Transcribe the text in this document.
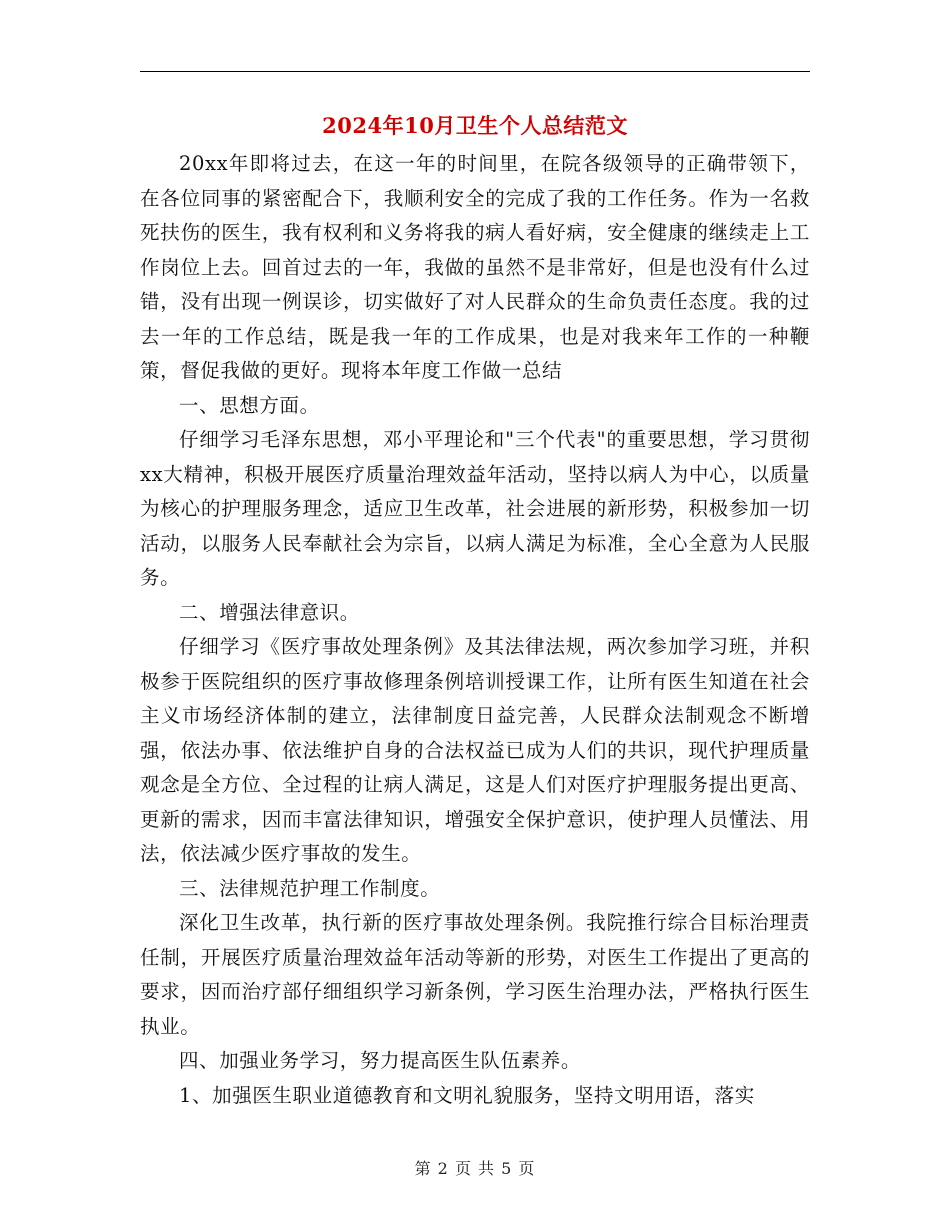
2024年10月卫生个人总结范文

20xx年即将过去，在这一年的时间里，在院各级领导的正确带领下，在各位同事的紧密配合下，我顺利安全的完成了我的工作任务。作为一名救死扶伤的医生，我有权利和义务将我的病人看好病，安全健康的继续走上工作岗位上去。回首过去的一年，我做的虽然不是非常好，但是也没有什么过错，没有出现一例误诊，切实做好了对人民群众的生命负责任态度。我的过去一年的工作总结，既是我一年的工作成果，也是对我来年工作的一种鞭策，督促我做的更好。现将本年度工作做一总结

一、思想方面。

仔细学习毛泽东思想，邓小平理论和"三个代表"的重要思想，学习贯彻xx大精神，积极开展医疗质量治理效益年活动，坚持以病人为中心，以质量为核心的护理服务理念，适应卫生改革，社会进展的新形势，积极参加一切活动，以服务人民奉献社会为宗旨，以病人满足为标准，全心全意为人民服务。

二、增强法律意识。

仔细学习《医疗事故处理条例》及其法律法规，两次参加学习班，并积极参于医院组织的医疗事故修理条例培训授课工作，让所有医生知道在社会主义市场经济体制的建立，法律制度日益完善，人民群众法制观念不断增强，依法办事、依法维护自身的合法权益已成为人们的共识，现代护理质量观念是全方位、全过程的让病人满足，这是人们对医疗护理服务提出更高、更新的需求，因而丰富法律知识，增强安全保护意识，使护理人员懂法、用法，依法减少医疗事故的发生。

三、法律规范护理工作制度。

深化卫生改革，执行新的医疗事故处理条例。我院推行综合目标治理责任制，开展医疗质量治理效益年活动等新的形势，对医生工作提出了更高的要求，因而治疗部仔细组织学习新条例，学习医生治理办法，严格执行医生执业。

四、加强业务学习，努力提高医生队伍素养。

1、加强医生职业道德教育和文明礼貌服务，坚持文明用语，落实

第 2 页 共 5 页
